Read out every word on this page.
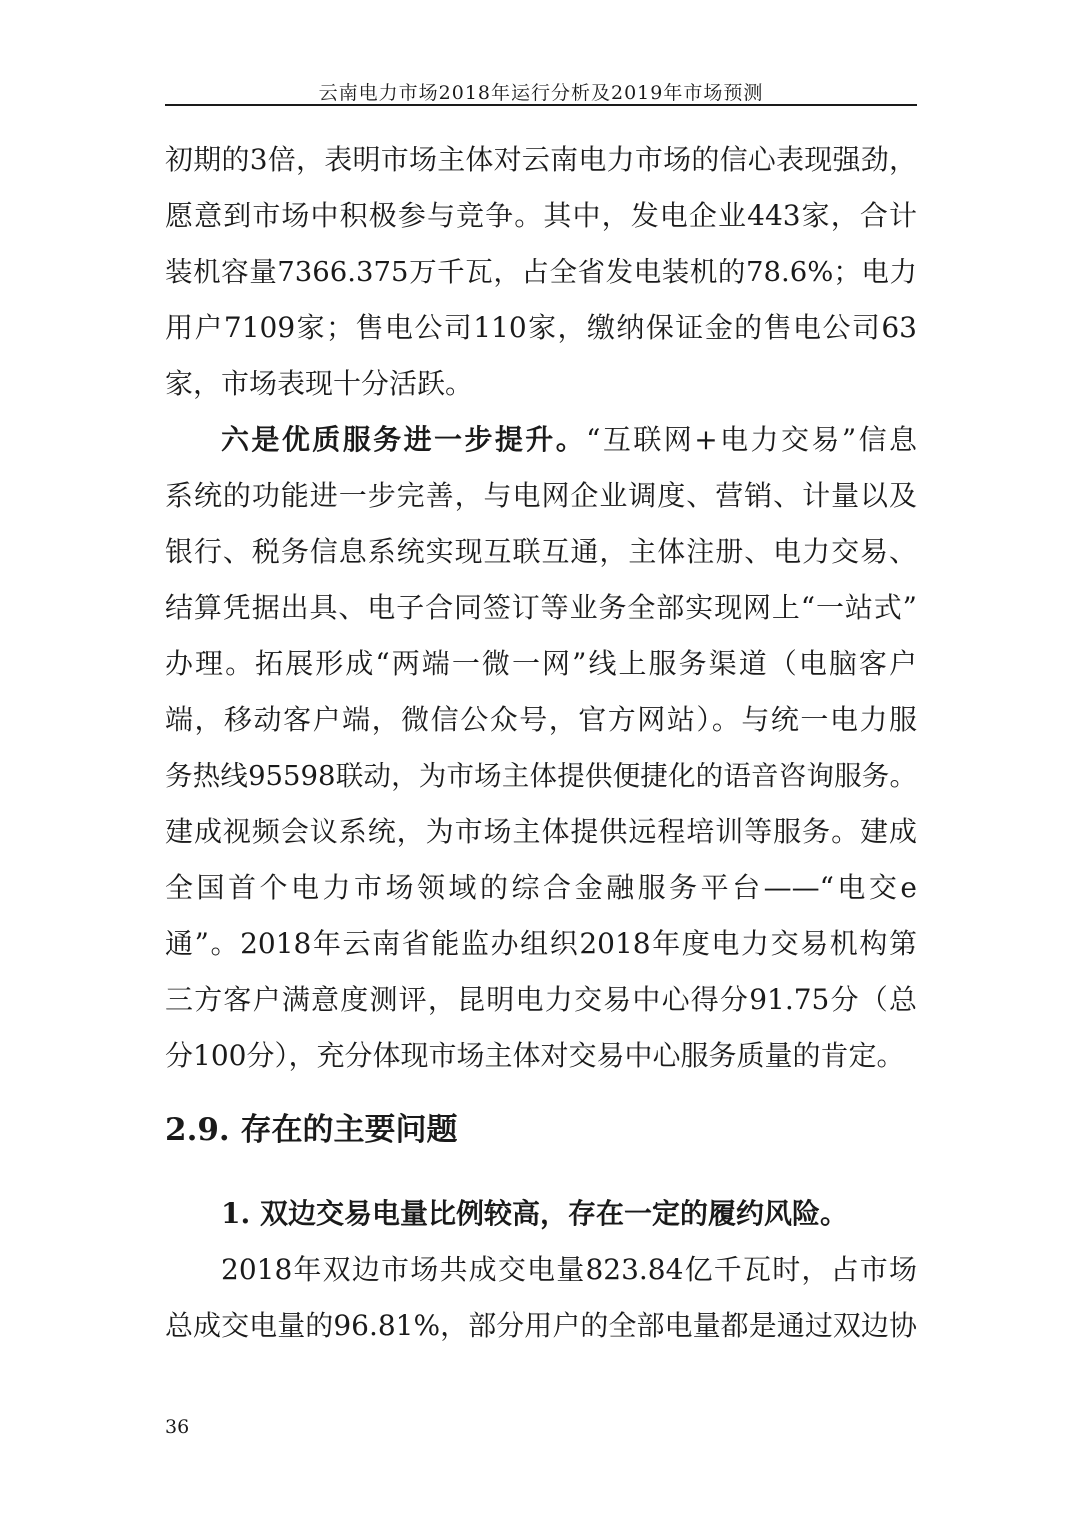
云南电力市场2018年运行分析及2019年市场预测
初期的3倍，表明市场主体对云南电力市场的信心表现强劲，
愿意到市场中积极参与竞争。其中，发电企业443家，合计
装机容量7366.375万千瓦，占全省发电装机的78.6%；电力
用户7109家；售电公司110家，缴纳保证金的售电公司63
家，市场表现十分活跃。
六是优质服务进一步提升。“互联网+电力交易”信息
系统的功能进一步完善，与电网企业调度、营销、计量以及
银行、税务信息系统实现互联互通，主体注册、电力交易、
结算凭据出具、电子合同签订等业务全部实现网上“一站式”
办理。拓展形成“两端一微一网”线上服务渠道（电脑客户
端，移动客户端，微信公众号，官方网站）。与统一电力服
务热线95598联动，为市场主体提供便捷化的语音咨询服务。
建成视频会议系统，为市场主体提供远程培训等服务。建成
全国首个电力市场领域的综合金融服务平台——“电交e
通”。2018年云南省能监办组织2018年度电力交易机构第
三方客户满意度测评，昆明电力交易中心得分91.75分（总
分100分），充分体现市场主体对交易中心服务质量的肯定。
2.9. 存在的主要问题
1. 双边交易电量比例较高，存在一定的履约风险。
2018年双边市场共成交电量823.84亿千瓦时，占市场
总成交电量的96.81%，部分用户的全部电量都是通过双边协
36
